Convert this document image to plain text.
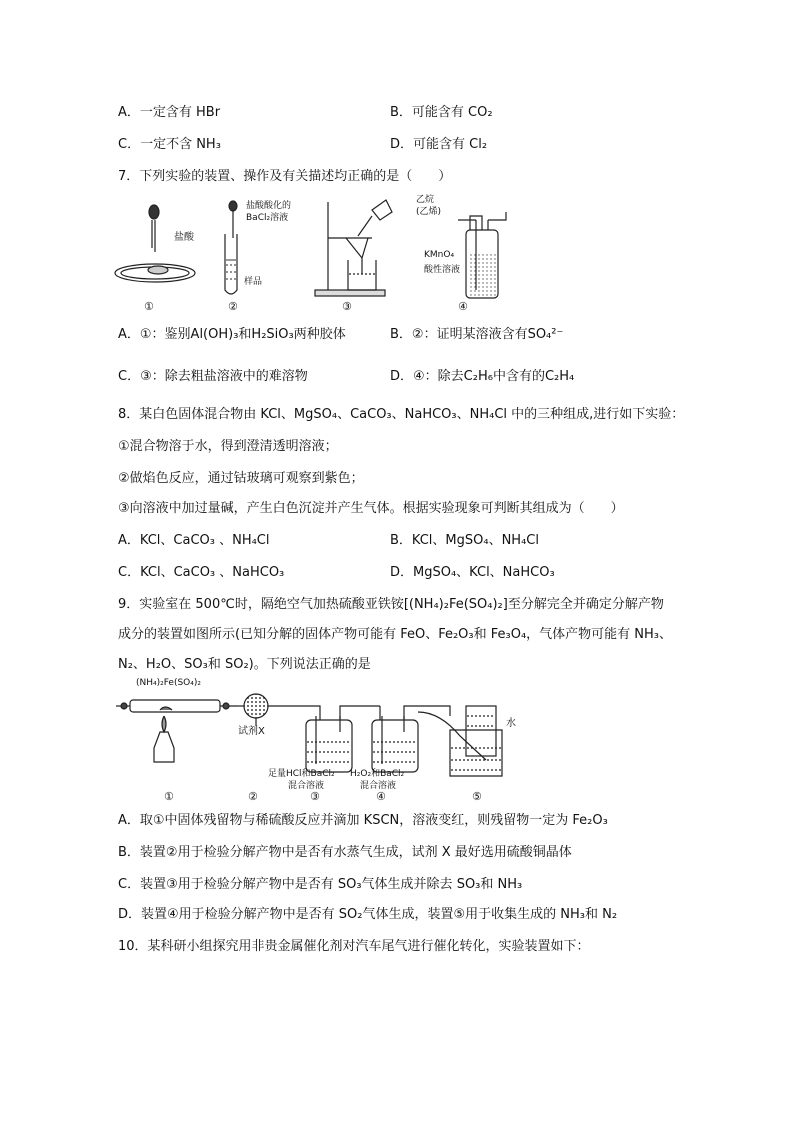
A．一定含有 HBr	B．可能含有 CO₂
C．一定不含 NH₃	D．可能含有 Cl₂
7．下列实验的装置、操作及有关描述均正确的是（　　）
盐酸
盐酸酸化的
BaCl₂溶液
样品
乙烷
(乙烯)
KMnO₄
酸性溶液
①	②	③	④
A．①：鉴别Al(OH)₃和H₂SiO₃两种胶体	B．②：证明某溶液含有SO₄²⁻
C．③：除去粗盐溶液中的难溶物	D．④：除去C₂H₆中含有的C₂H₄
8．某白色固体混合物由 KCl、MgSO₄、CaCO₃、NaHCO₃、NH₄Cl 中的三种组成,进行如下实验：
①混合物溶于水，得到澄清透明溶液；
②做焰色反应，通过钴玻璃可观察到紫色；
③向溶液中加过量碱，产生白色沉淀并产生气体。根据实验现象可判断其组成为（　　）
A．KCl、CaCO₃ 、NH₄Cl	B．KCl、MgSO₄、NH₄Cl
C．KCl、CaCO₃ 、NaHCO₃	D．MgSO₄、KCl、NaHCO₃
9．实验室在 500℃时，隔绝空气加热硫酸亚铁铵[(NH₄)₂Fe(SO₄)₂]至分解完全并确定分解产物
成分的装置如图所示(已知分解的固体产物可能有 FeO、Fe₂O₃和 Fe₃O₄，气体产物可能有 NH₃、
N₂、H₂O、SO₃和 SO₂)。下列说法正确的是
(NH₄)₂Fe(SO₄)₂
试剂X
水
足量HCl和BaCl₂
混合溶液
H₂O₂和BaCl₂
混合溶液
①	②	③	④	⑤
A．取①中固体残留物与稀硫酸反应并滴加 KSCN，溶液变红，则残留物一定为 Fe₂O₃
B．装置②用于检验分解产物中是否有水蒸气生成，试剂 X 最好选用硫酸铜晶体
C．装置③用于检验分解产物中是否有 SO₃气体生成并除去 SO₃和 NH₃
D．装置④用于检验分解产物中是否有 SO₂气体生成，装置⑤用于收集生成的 NH₃和 N₂
10．某科研小组探究用非贵金属催化剂对汽车尾气进行催化转化，实验装置如下：
